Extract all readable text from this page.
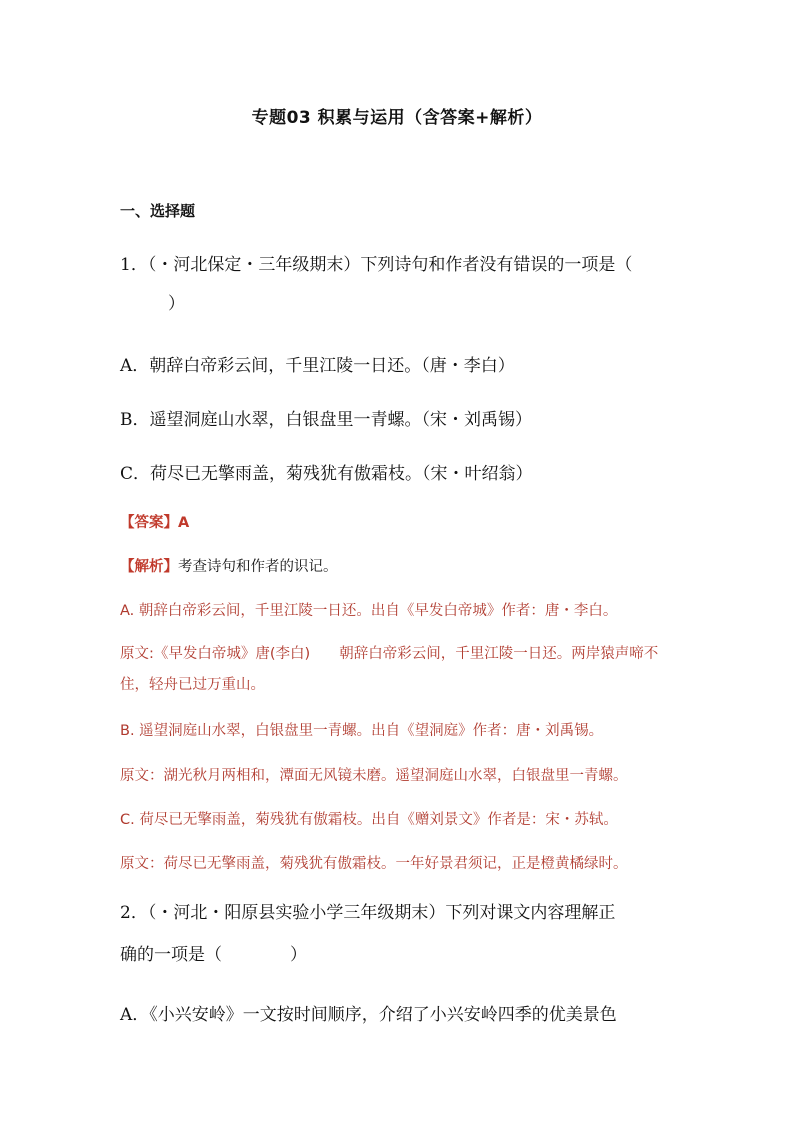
专题03 积累与运用（含答案+解析）
一、选择题
1．（・河北保定・三年级期末）下列诗句和作者没有错误的一项是（
）
A．朝辞白帝彩云间，千里江陵一日还。（唐・李白）
B．遥望洞庭山水翠，白银盘里一青螺。（宋・刘禹锡）
C．荷尽已无擎雨盖，菊残犹有傲霜枝。（宋・叶绍翁）
【答案】A
【解析】考查诗句和作者的识记。
A. 朝辞白帝彩云间，千里江陵一日还。出自《早发白帝城》作者：唐・李白。
原文:《早发白帝城》唐(李白)　　朝辞白帝彩云间，千里江陵一日还。两岸猿声啼不住，轻舟已过万重山。
B. 遥望洞庭山水翠，白银盘里一青螺。出自《望洞庭》作者：唐・刘禹锡。
原文：湖光秋月两相和，潭面无风镜未磨。遥望洞庭山水翠，白银盘里一青螺。
C. 荷尽已无擎雨盖，菊残犹有傲霜枝。出自《赠刘景文》作者是：宋・苏轼。
原文：荷尽已无擎雨盖，菊残犹有傲霜枝。一年好景君须记，正是橙黄橘绿时。
2．（・河北・阳原县实验小学三年级期末）下列对课文内容理解正
确的一项是（　　　　）
A．《小兴安岭》一文按时间顺序，介绍了小兴安岭四季的优美景色
